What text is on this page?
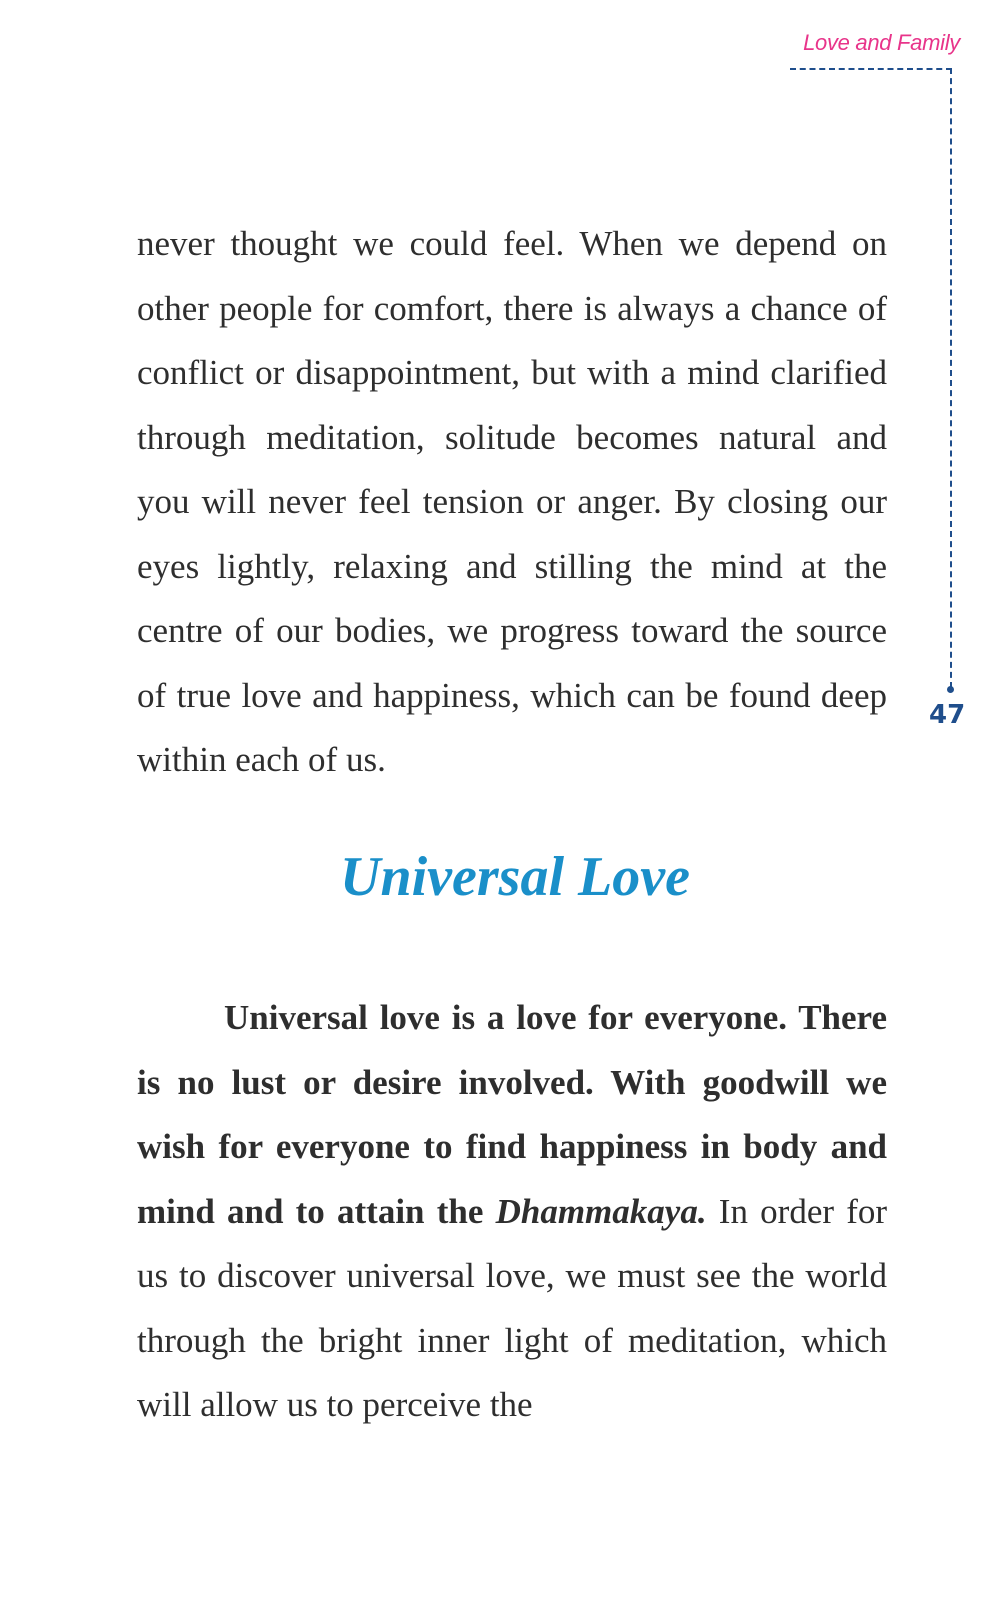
Love and Family
47

never thought we could feel. When we depend on other people for comfort, there is always a chance of conflict or disappointment, but with a mind clarified through meditation, solitude becomes natural and you will never feel tension or anger. By closing our eyes lightly, relaxing and stilling the mind at the centre of our bodies, we progress toward the source of true love and happiness, which can be found deep within each of us.

Universal Love

Universal love is a love for everyone. There is no lust or desire involved. With goodwill we wish for everyone to find happiness in body and mind and to attain the Dhammakaya. In order for us to discover universal love, we must see the world through the bright inner light of meditation, which will allow us to perceive the
